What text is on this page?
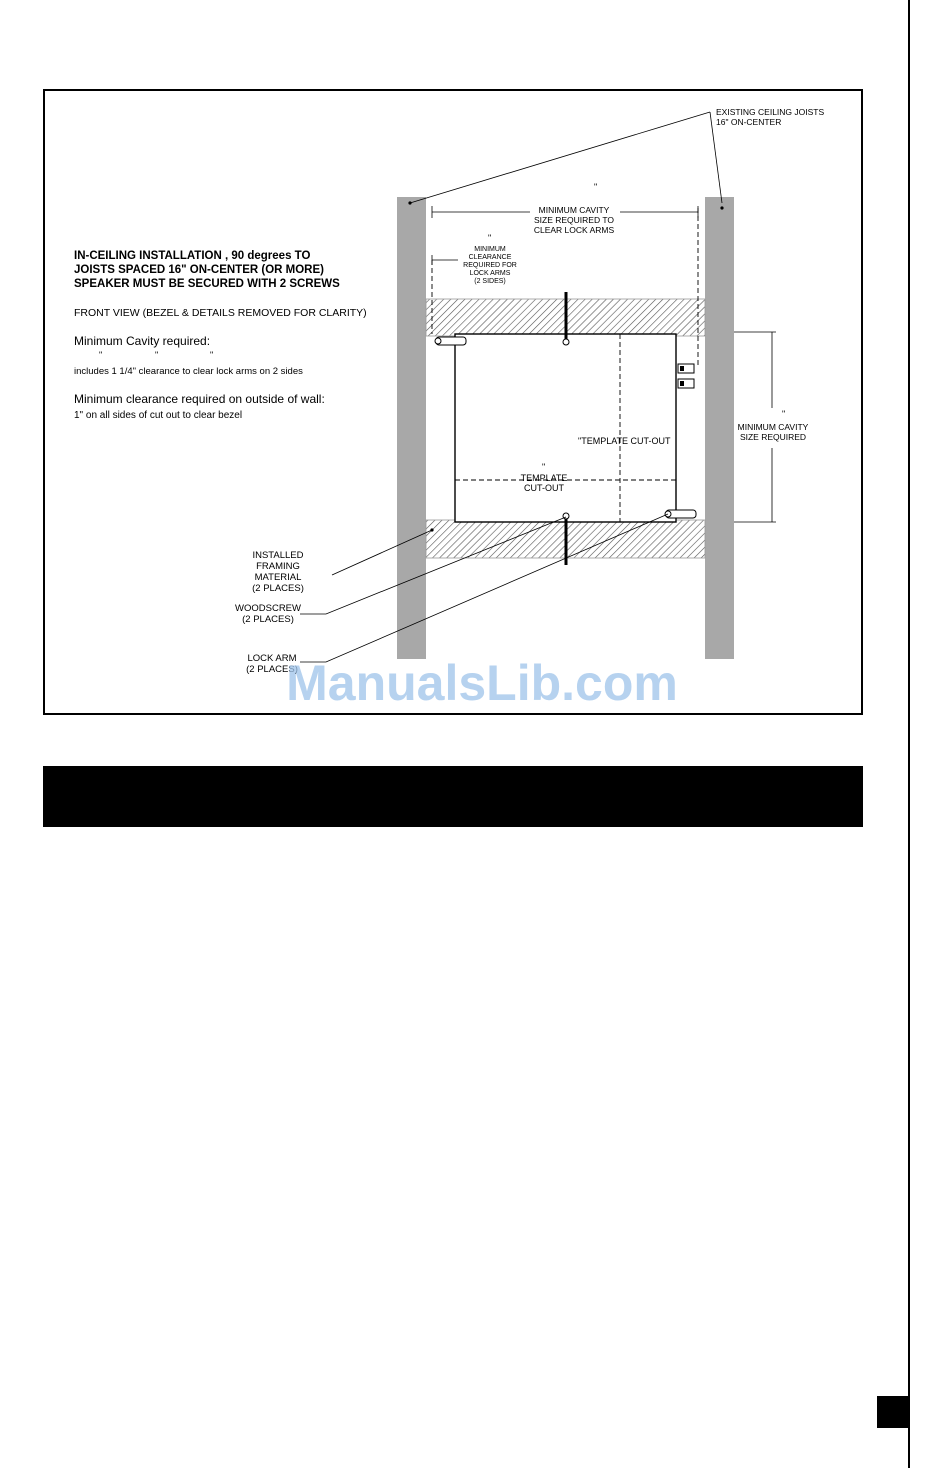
EXISTING CEILING JOISTS
16" ON-CENTER
"
MINIMUM CAVITY
SIZE REQUIRED TO
CLEAR LOCK ARMS
"
MINIMUM
CLEARANCE
REQUIRED FOR
LOCK ARMS
(2 SIDES)
IN-CEILING INSTALLATION , 90 degrees TO
JOISTS SPACED 16" ON-CENTER (OR MORE)
SPEAKER MUST BE SECURED WITH 2 SCREWS
FRONT VIEW (BEZEL & DETAILS REMOVED FOR CLARITY)
Minimum Cavity required:
"	"	"
includes 1 1/4" clearance to clear lock arms on 2 sides
Minimum clearance required on outside of wall:
1" on all sides of cut out to clear bezel
"TEMPLATE CUT-OUT
"
TEMPLATE
CUT-OUT
"
MINIMUM CAVITY
SIZE REQUIRED
INSTALLED
FRAMING
MATERIAL
(2 PLACES)
WOODSCREW
(2 PLACES)
LOCK ARM
(2 PLACES)
ManualsLib.com
